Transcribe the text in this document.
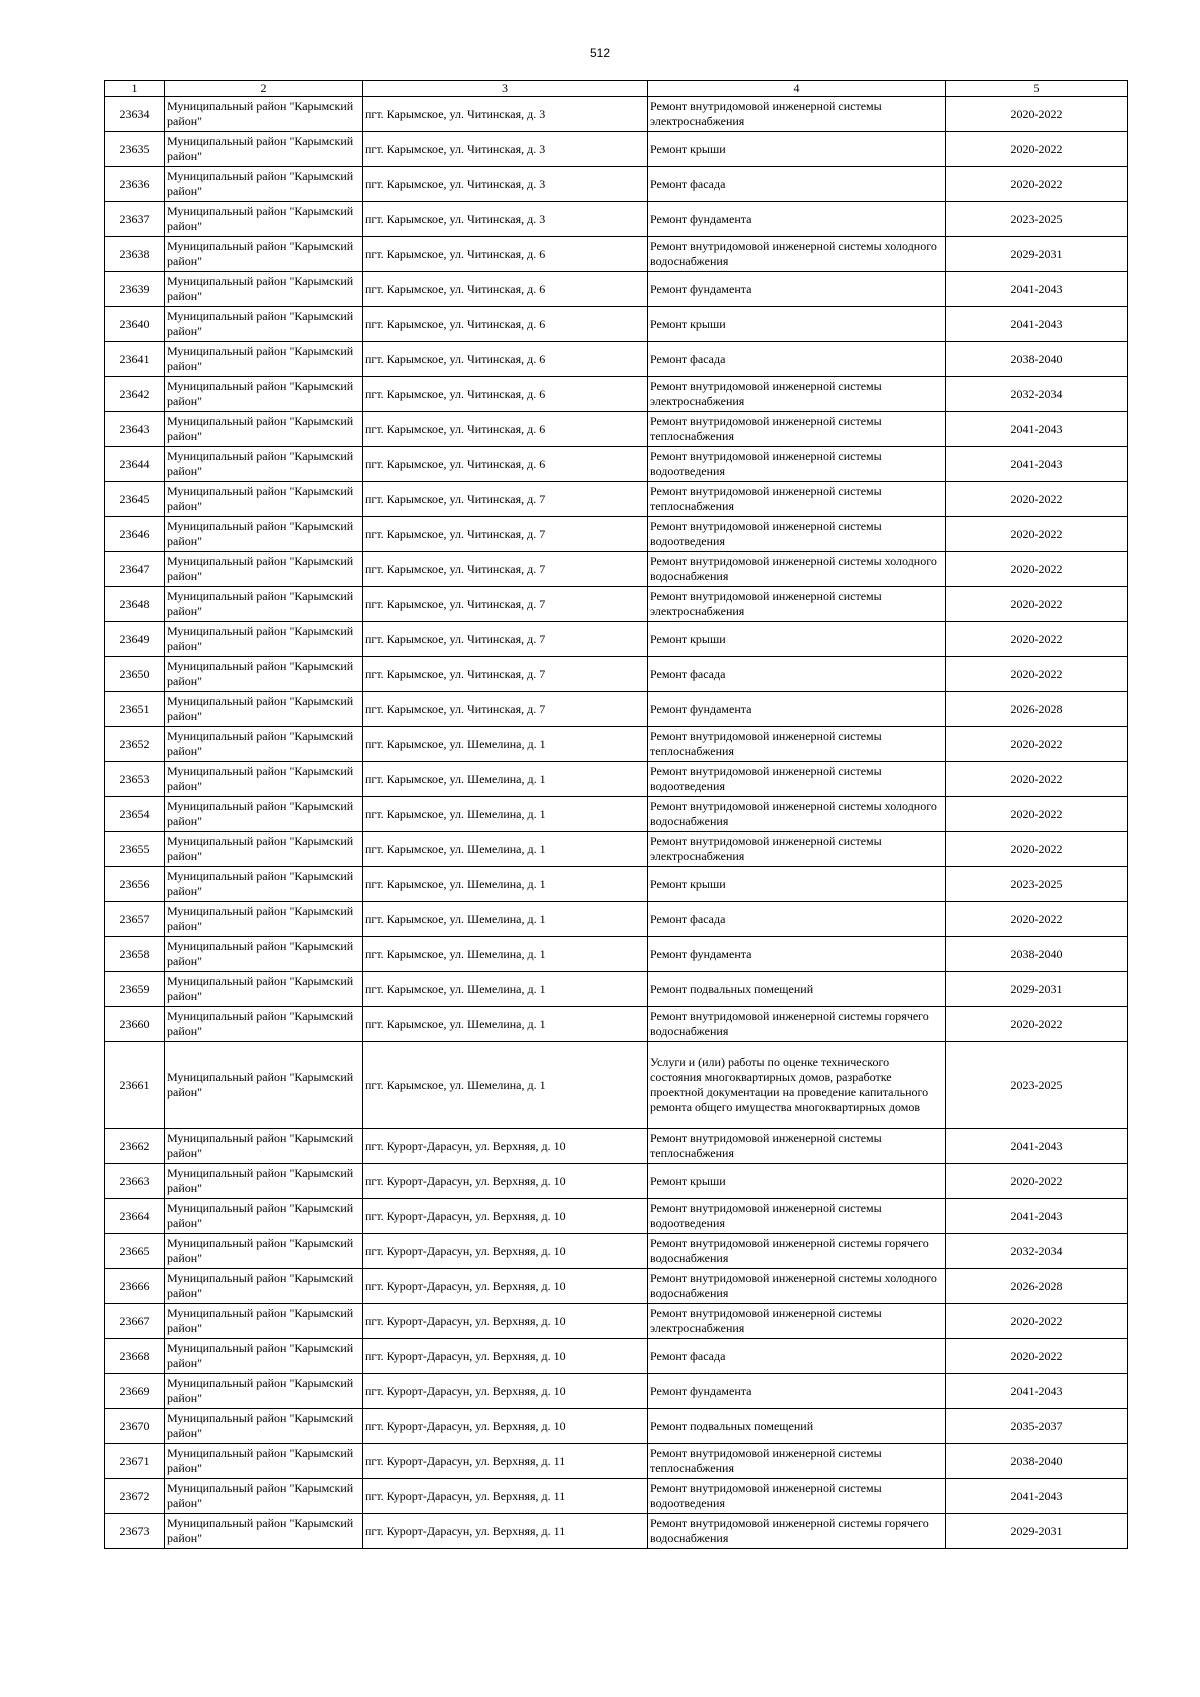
512
1	2	3	4	5
23634	Муниципальный район "Карымский район"	пгт. Карымское, ул. Читинская, д. 3	Ремонт внутридомовой инженерной системы электроснабжения	2020-2022
23635	Муниципальный район "Карымский район"	пгт. Карымское, ул. Читинская, д. 3	Ремонт крыши	2020-2022
23636	Муниципальный район "Карымский район"	пгт. Карымское, ул. Читинская, д. 3	Ремонт фасада	2020-2022
23637	Муниципальный район "Карымский район"	пгт. Карымское, ул. Читинская, д. 3	Ремонт фундамента	2023-2025
23638	Муниципальный район "Карымский район"	пгт. Карымское, ул. Читинская, д. 6	Ремонт внутридомовой инженерной системы холодного водоснабжения	2029-2031
23639	Муниципальный район "Карымский район"	пгт. Карымское, ул. Читинская, д. 6	Ремонт фундамента	2041-2043
23640	Муниципальный район "Карымский район"	пгт. Карымское, ул. Читинская, д. 6	Ремонт крыши	2041-2043
23641	Муниципальный район "Карымский район"	пгт. Карымское, ул. Читинская, д. 6	Ремонт фасада	2038-2040
23642	Муниципальный район "Карымский район"	пгт. Карымское, ул. Читинская, д. 6	Ремонт внутридомовой инженерной системы электроснабжения	2032-2034
23643	Муниципальный район "Карымский район"	пгт. Карымское, ул. Читинская, д. 6	Ремонт внутридомовой инженерной системы теплоснабжения	2041-2043
23644	Муниципальный район "Карымский район"	пгт. Карымское, ул. Читинская, д. 6	Ремонт внутридомовой инженерной системы водоотведения	2041-2043
23645	Муниципальный район "Карымский район"	пгт. Карымское, ул. Читинская, д. 7	Ремонт внутридомовой инженерной системы теплоснабжения	2020-2022
23646	Муниципальный район "Карымский район"	пгт. Карымское, ул. Читинская, д. 7	Ремонт внутридомовой инженерной системы водоотведения	2020-2022
23647	Муниципальный район "Карымский район"	пгт. Карымское, ул. Читинская, д. 7	Ремонт внутридомовой инженерной системы холодного водоснабжения	2020-2022
23648	Муниципальный район "Карымский район"	пгт. Карымское, ул. Читинская, д. 7	Ремонт внутридомовой инженерной системы электроснабжения	2020-2022
23649	Муниципальный район "Карымский район"	пгт. Карымское, ул. Читинская, д. 7	Ремонт крыши	2020-2022
23650	Муниципальный район "Карымский район"	пгт. Карымское, ул. Читинская, д. 7	Ремонт фасада	2020-2022
23651	Муниципальный район "Карымский район"	пгт. Карымское, ул. Читинская, д. 7	Ремонт фундамента	2026-2028
23652	Муниципальный район "Карымский район"	пгт. Карымское, ул. Шемелина, д. 1	Ремонт внутридомовой инженерной системы теплоснабжения	2020-2022
23653	Муниципальный район "Карымский район"	пгт. Карымское, ул. Шемелина, д. 1	Ремонт внутридомовой инженерной системы водоотведения	2020-2022
23654	Муниципальный район "Карымский район"	пгт. Карымское, ул. Шемелина, д. 1	Ремонт внутридомовой инженерной системы холодного водоснабжения	2020-2022
23655	Муниципальный район "Карымский район"	пгт. Карымское, ул. Шемелина, д. 1	Ремонт внутридомовой инженерной системы электроснабжения	2020-2022
23656	Муниципальный район "Карымский район"	пгт. Карымское, ул. Шемелина, д. 1	Ремонт крыши	2023-2025
23657	Муниципальный район "Карымский район"	пгт. Карымское, ул. Шемелина, д. 1	Ремонт фасада	2020-2022
23658	Муниципальный район "Карымский район"	пгт. Карымское, ул. Шемелина, д. 1	Ремонт фундамента	2038-2040
23659	Муниципальный район "Карымский район"	пгт. Карымское, ул. Шемелина, д. 1	Ремонт подвальных помещений	2029-2031
23660	Муниципальный район "Карымский район"	пгт. Карымское, ул. Шемелина, д. 1	Ремонт внутридомовой инженерной системы горячего водоснабжения	2020-2022
23661	Муниципальный район "Карымский район"	пгт. Карымское, ул. Шемелина, д. 1	Услуги и (или) работы по оценке технического состояния многоквартирных домов, разработке проектной документации на проведение капитального ремонта общего имущества многоквартирных домов	2023-2025
23662	Муниципальный район "Карымский район"	пгт. Курорт-Дарасун, ул. Верхняя, д. 10	Ремонт внутридомовой инженерной системы теплоснабжения	2041-2043
23663	Муниципальный район "Карымский район"	пгт. Курорт-Дарасун, ул. Верхняя, д. 10	Ремонт крыши	2020-2022
23664	Муниципальный район "Карымский район"	пгт. Курорт-Дарасун, ул. Верхняя, д. 10	Ремонт внутридомовой инженерной системы водоотведения	2041-2043
23665	Муниципальный район "Карымский район"	пгт. Курорт-Дарасун, ул. Верхняя, д. 10	Ремонт внутридомовой инженерной системы горячего водоснабжения	2032-2034
23666	Муниципальный район "Карымский район"	пгт. Курорт-Дарасун, ул. Верхняя, д. 10	Ремонт внутридомовой инженерной системы холодного водоснабжения	2026-2028
23667	Муниципальный район "Карымский район"	пгт. Курорт-Дарасун, ул. Верхняя, д. 10	Ремонт внутридомовой инженерной системы электроснабжения	2020-2022
23668	Муниципальный район "Карымский район"	пгт. Курорт-Дарасун, ул. Верхняя, д. 10	Ремонт фасада	2020-2022
23669	Муниципальный район "Карымский район"	пгт. Курорт-Дарасун, ул. Верхняя, д. 10	Ремонт фундамента	2041-2043
23670	Муниципальный район "Карымский район"	пгт. Курорт-Дарасун, ул. Верхняя, д. 10	Ремонт подвальных помещений	2035-2037
23671	Муниципальный район "Карымский район"	пгт. Курорт-Дарасун, ул. Верхняя, д. 11	Ремонт внутридомовой инженерной системы теплоснабжения	2038-2040
23672	Муниципальный район "Карымский район"	пгт. Курорт-Дарасун, ул. Верхняя, д. 11	Ремонт внутридомовой инженерной системы водоотведения	2041-2043
23673	Муниципальный район "Карымский район"	пгт. Курорт-Дарасун, ул. Верхняя, д. 11	Ремонт внутридомовой инженерной системы горячего водоснабжения	2029-2031
